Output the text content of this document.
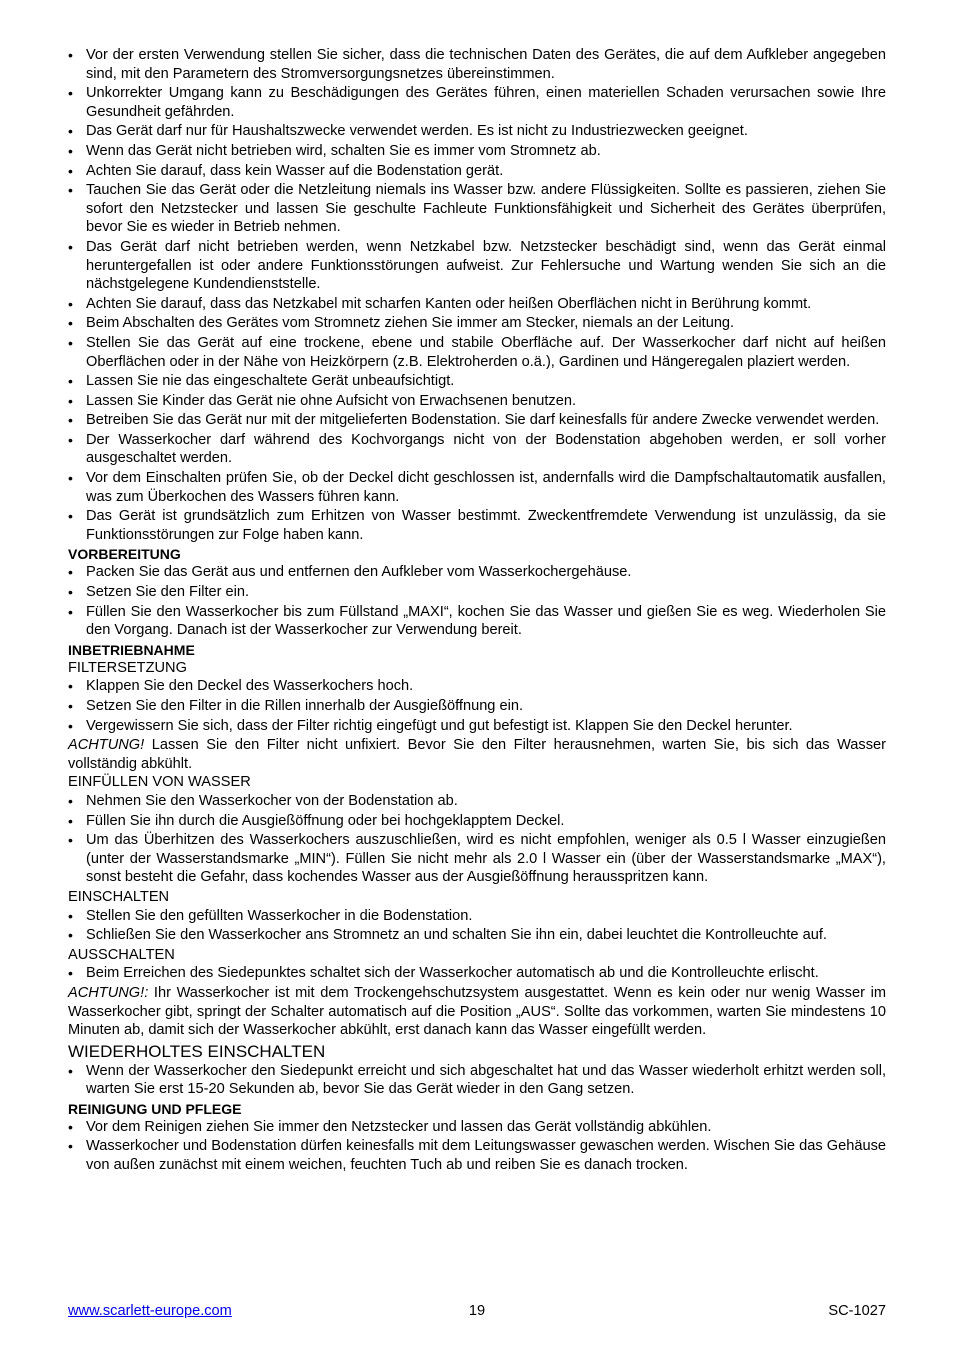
• Vor der ersten Verwendung stellen Sie sicher, dass die technischen Daten des Gerätes, die auf dem Aufkleber angegeben sind, mit den Parametern des Stromversorgungsnetzes übereinstimmen.
• Unkorrekter Umgang kann zu Beschädigungen des Gerätes führen, einen materiellen Schaden verursachen sowie Ihre Gesundheit gefährden.
• Das Gerät darf nur für Haushaltszwecke verwendet werden. Es ist nicht zu Industriezwecken geeignet.
• Wenn das Gerät nicht betrieben wird, schalten Sie es immer vom Stromnetz ab.
• Achten Sie darauf, dass kein Wasser auf die Bodenstation gerät.
• Tauchen Sie das Gerät oder die Netzleitung niemals ins Wasser bzw. andere Flüssigkeiten. Sollte es passieren, ziehen Sie sofort den Netzstecker und lassen Sie geschulte Fachleute Funktionsfähigkeit und Sicherheit des Gerätes überprüfen, bevor Sie es wieder in Betrieb nehmen.
• Das Gerät darf nicht betrieben werden, wenn Netzkabel bzw. Netzstecker beschädigt sind, wenn das Gerät einmal heruntergefallen ist oder andere Funktionsstörungen aufweist. Zur Fehlersuche und Wartung wenden Sie sich an die nächstgelegene Kundendienststelle.
• Achten Sie darauf, dass das Netzkabel mit scharfen Kanten oder heißen Oberflächen nicht in Berührung kommt.
• Beim Abschalten des Gerätes vom Stromnetz ziehen Sie immer am Stecker, niemals an der Leitung.
• Stellen Sie das Gerät auf eine trockene, ebene und stabile Oberfläche auf. Der Wasserkocher darf nicht auf heißen Oberflächen oder in der Nähe von Heizkörpern (z.B. Elektroherden o.ä.), Gardinen und Hängeregalen plaziert werden.
• Lassen Sie nie das eingeschaltete Gerät unbeaufsichtigt.
• Lassen Sie Kinder das Gerät nie ohne Aufsicht von Erwachsenen benutzen.
• Betreiben Sie das Gerät nur mit der mitgelieferten Bodenstation. Sie darf keinesfalls für andere Zwecke verwendet werden.
• Der Wasserkocher darf während des Kochvorgangs nicht von der Bodenstation abgehoben werden, er soll vorher ausgeschaltet werden.
• Vor dem Einschalten prüfen Sie, ob der Deckel dicht geschlossen ist, andernfalls wird die Dampfschaltautomatik ausfallen, was zum Überkochen des Wassers führen kann.
• Das Gerät ist grundsätzlich zum Erhitzen von Wasser bestimmt. Zweckentfremdete Verwendung ist unzulässig, da sie Funktionsstörungen zur Folge haben kann.
VORBEREITUNG
• Packen Sie das Gerät aus und entfernen den Aufkleber vom Wasserkochergehäuse.
• Setzen Sie den Filter ein.
• Füllen Sie den Wasserkocher bis zum Füllstand „MAXI“, kochen Sie das Wasser und gießen Sie es weg. Wiederholen Sie den Vorgang. Danach ist der Wasserkocher zur Verwendung bereit.
INBETRIEBNAHME
FILTERSETZUNG
• Klappen Sie den Deckel des Wasserkochers hoch.
• Setzen Sie den Filter in die Rillen innerhalb der Ausgießöffnung ein.
• Vergewissern Sie sich, dass der Filter richtig eingefügt und gut befestigt ist. Klappen Sie den Deckel herunter.

ACHTUNG! Lassen Sie den Filter nicht unfixiert. Bevor Sie den Filter herausnehmen, warten Sie, bis sich das Wasser vollständig abkühlt.

EINFÜLLEN VON WASSER
• Nehmen Sie den Wasserkocher von der Bodenstation ab.
• Füllen Sie ihn durch die Ausgießöffnung oder bei hochgeklapptem Deckel.
• Um das Überhitzen des Wasserkochers auszuschließen, wird es nicht empfohlen, weniger als 0.5 l Wasser einzugießen (unter der Wasserstandsmarke „MIN“). Füllen Sie nicht mehr als 2.0 l Wasser ein (über der Wasserstandsmarke „MAX“), sonst besteht die Gefahr, dass kochendes Wasser aus der Ausgießöffnung herausspritzen kann.
EINSCHALTEN
• Stellen Sie den gefüllten Wasserkocher in die Bodenstation.
• Schließen Sie den Wasserkocher ans Stromnetz an und schalten Sie ihn ein, dabei leuchtet die Kontrolleuchte auf.
AUSSCHALTEN
• Beim Erreichen des Siedepunktes schaltet sich der Wasserkocher automatisch ab und die Kontrolleuchte erlischt.

ACHTUNG!: Ihr Wasserkocher ist mit dem Trockengehschutzsystem ausgestattet. Wenn es kein oder nur wenig Wasser im Wasserkocher gibt, springt der Schalter automatisch auf die Position „AUS“. Sollte das vorkommen, warten Sie mindestens 10 Minuten ab, damit sich der Wasserkocher abkühlt, erst danach kann das Wasser eingefüllt werden.

WIEDERHOLTES EINSCHALTEN
• Wenn der Wasserkocher den Siedepunkt erreicht und sich abgeschaltet hat und das Wasser wiederholt erhitzt werden soll, warten Sie erst 15-20 Sekunden ab, bevor Sie das Gerät wieder in den Gang setzen.
REINIGUNG UND PFLEGE
• Vor dem Reinigen ziehen Sie immer den Netzstecker und lassen das Gerät vollständig abkühlen.
• Wasserkocher und Bodenstation dürfen keinesfalls mit dem Leitungswasser gewaschen werden. Wischen Sie das Gehäuse von außen zunächst mit einem weichen, feuchten Tuch ab und reiben Sie es danach trocken.
www.scarlett-europe.com	19	SC-1027
